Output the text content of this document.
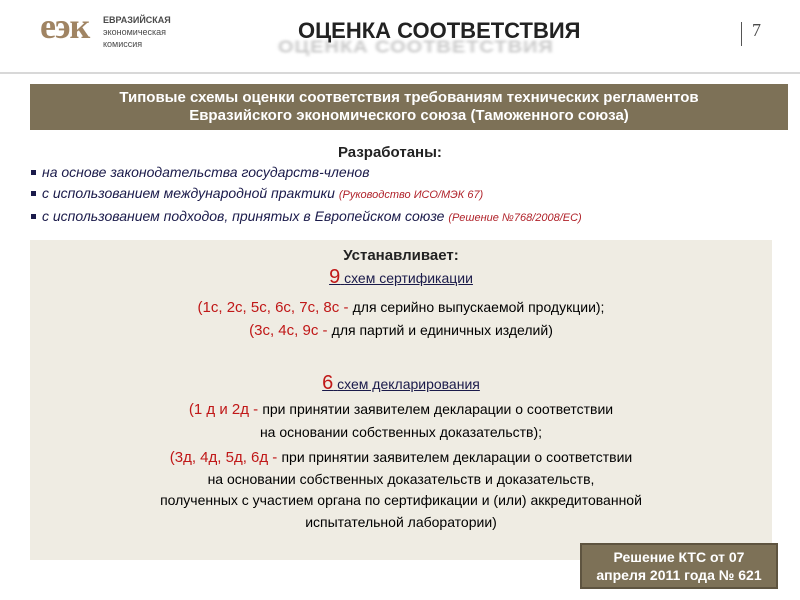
еэк ЕВРАЗИЙСКАЯ
экономическая
комиссия	ОЦЕНКА СООТВЕТСТВИЯ
ОЦЕНКА СООТВЕТСТВИЯ	7
Типовые схемы оценки соответствия требованиям технических регламентов
Евразийского экономического союза (Таможенного союза)
Разработаны:
на основе законодательства государств-членов
с использованием международной практики (Руководство ИСО/МЭК 67)
с использованием подходов, принятых в Европейском союзе (Решение №768/2008/ЕС)
Устанавливает:
9 схем сертификации
(1с, 2с, 5с, 6с, 7с, 8с - для серийно выпускаемой продукции);
(3с, 4с, 9с - для партий и единичных изделий)
6 схем декларирования
(1 д и 2д - при принятии заявителем декларации о соответствии
на основании собственных доказательств);
(3д, 4д, 5д, 6д - при принятии заявителем декларации о соответствии
на основании собственных доказательств и доказательств,
полученных с участием органа по сертификации и (или) аккредитованной
испытательной лаборатории)
Решение КТС от 07
апреля 2011 года № 621
